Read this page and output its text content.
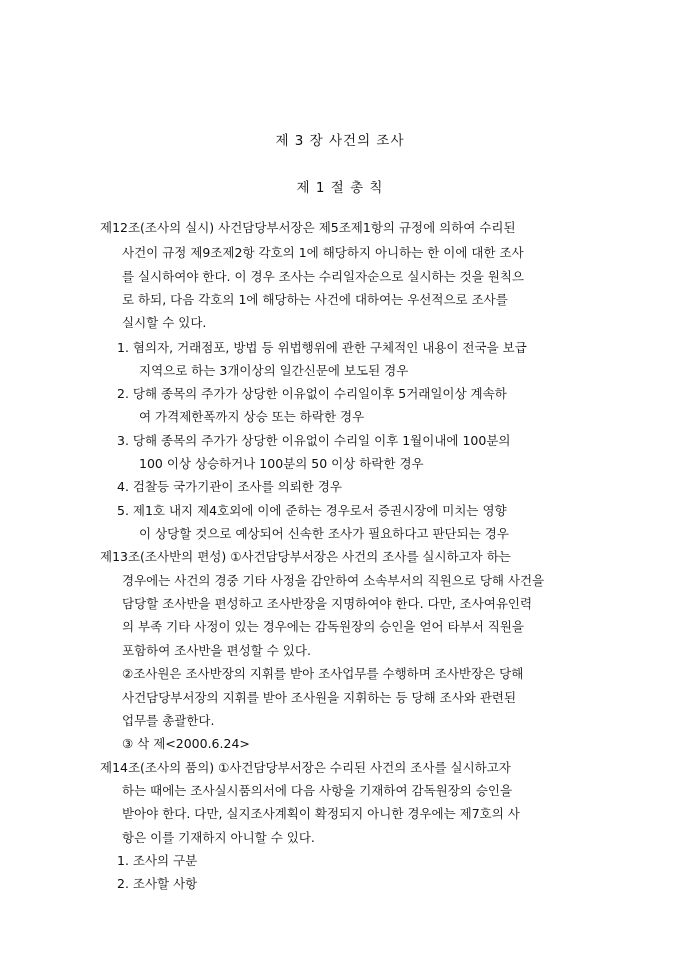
제 3 장 사건의 조사
제 1 절 총 칙
제12조(조사의 실시) 사건담당부서장은 제5조제1항의 규정에 의하여 수리된
사건이 규정 제9조제2항 각호의 1에 해당하지 아니하는 한 이에 대한 조사
를 실시하여야 한다. 이 경우 조사는 수리일자순으로 실시하는 것을 원칙으
로 하되, 다음 각호의 1에 해당하는 사건에 대하여는 우선적으로 조사를
실시할 수 있다.
1. 혐의자, 거래점포, 방법 등 위법행위에 관한 구체적인 내용이 전국을 보급
지역으로 하는 3개이상의 일간신문에 보도된 경우
2. 당해 종목의 주가가 상당한 이유없이 수리일이후 5거래일이상 계속하
여 가격제한폭까지 상승 또는 하락한 경우
3. 당해 종목의 주가가 상당한 이유없이 수리일 이후 1월이내에 100분의
100 이상 상승하거나 100분의 50 이상 하락한 경우
4. 검찰등 국가기관이 조사를 의뢰한 경우
5. 제1호 내지 제4호외에 이에 준하는 경우로서 증권시장에 미치는 영향
이 상당할 것으로 예상되어 신속한 조사가 필요하다고 판단되는 경우
제13조(조사반의 편성) ①사건담당부서장은 사건의 조사를 실시하고자 하는
경우에는 사건의 경중 기타 사정을 감안하여 소속부서의 직원으로 당해 사건을
담당할 조사반을 편성하고 조사반장을 지명하여야 한다. 다만, 조사여유인력
의 부족 기타 사정이 있는 경우에는 감독원장의 승인을 얻어 타부서 직원을
포함하여 조사반을 편성할 수 있다.
②조사원은 조사반장의 지휘를 받아 조사업무를 수행하며 조사반장은 당해
사건담당부서장의 지휘를 받아 조사원을 지휘하는 등 당해 조사와 관련된
업무를 총괄한다.
③ 삭 제<2000.6.24>
제14조(조사의 품의) ①사건담당부서장은 수리된 사건의 조사를 실시하고자
하는 때에는 조사실시품의서에 다음 사항을 기재하여 감독원장의 승인을
받아야 한다. 다만, 실지조사계획이 확정되지 아니한 경우에는 제7호의 사
항은 이를 기재하지 아니할 수 있다.
1. 조사의 구분
2. 조사할 사항
